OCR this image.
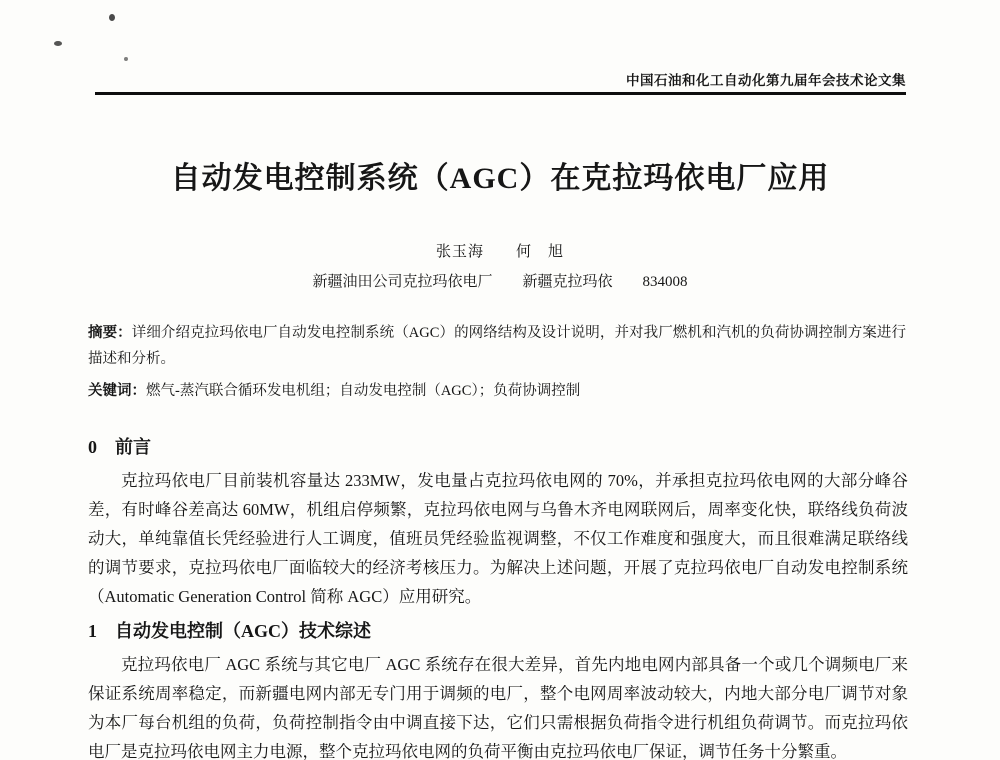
中国石油和化工自动化第九届年会技术论文集
自动发电控制系统（AGC）在克拉玛依电厂应用
张玉海　　何　旭
新疆油田公司克拉玛依电厂　　新疆克拉玛依　　834008

摘要：详细介绍克拉玛依电厂自动发电控制系统（AGC）的网络结构及设计说明，并对我厂燃机和汽机的负荷协调控制方案进行描述和分析。

关键词：燃气-蒸汽联合循环发电机组；自动发电控制（AGC）；负荷协调控制

0　前言

克拉玛依电厂目前装机容量达 233MW，发电量占克拉玛依电网的 70%，并承担克拉玛依电网的大部分峰谷差，有时峰谷差高达 60MW，机组启停频繁，克拉玛依电网与乌鲁木齐电网联网后，周率变化快，联络线负荷波动大，单纯靠值长凭经验进行人工调度，值班员凭经验监视调整，不仅工作难度和强度大，而且很难满足联络线的调节要求，克拉玛依电厂面临较大的经济考核压力。为解决上述问题，开展了克拉玛依电厂自动发电控制系统（Automatic Generation Control 简称 AGC）应用研究。

1　自动发电控制（AGC）技术综述

克拉玛依电厂 AGC 系统与其它电厂 AGC 系统存在很大差异，首先内地电网内部具备一个或几个调频电厂来保证系统周率稳定，而新疆电网内部无专门用于调频的电厂，整个电网周率波动较大，内地大部分电厂调节对象为本厂每台机组的负荷，负荷控制指令由中调直接下达，它们只需根据负荷指令进行机组负荷调节。而克拉玛依电厂是克拉玛依电网主力电源，整个克拉玛依电网的负荷平衡由克拉玛依电厂保证，调节任务十分繁重。
